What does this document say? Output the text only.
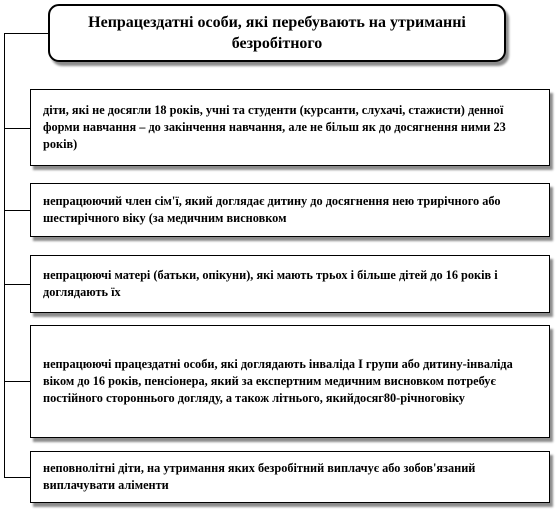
Непрацездатні особи, які перебувають на утриманні безробітного
діти, які не досягли 18 років, учні та студенти (курсанти, слухачі, стажисти) денної форми навчання – до закінчення навчання, але не більш як до досягнення ними 23 років)
непрацюючий член сім'ї, який доглядає дитину до досягнення нею трирічного або шестирічного віку (за медичним висновком
непрацюючі матері (батьки, опікуни), які мають трьох і більше дітей до 16 років і доглядають їх
непрацюючі працездатні особи, які доглядають інваліда І групи або дитину-інваліда віком до 16 років, пенсіонера, який за експертним медичним висновком потребує постійного стороннього догляду, а також літнього, якийдосяг80-річноговіку
неповнолітні діти, на утримання яких безробітний виплачує або зобов'язаний виплачувати аліменти
